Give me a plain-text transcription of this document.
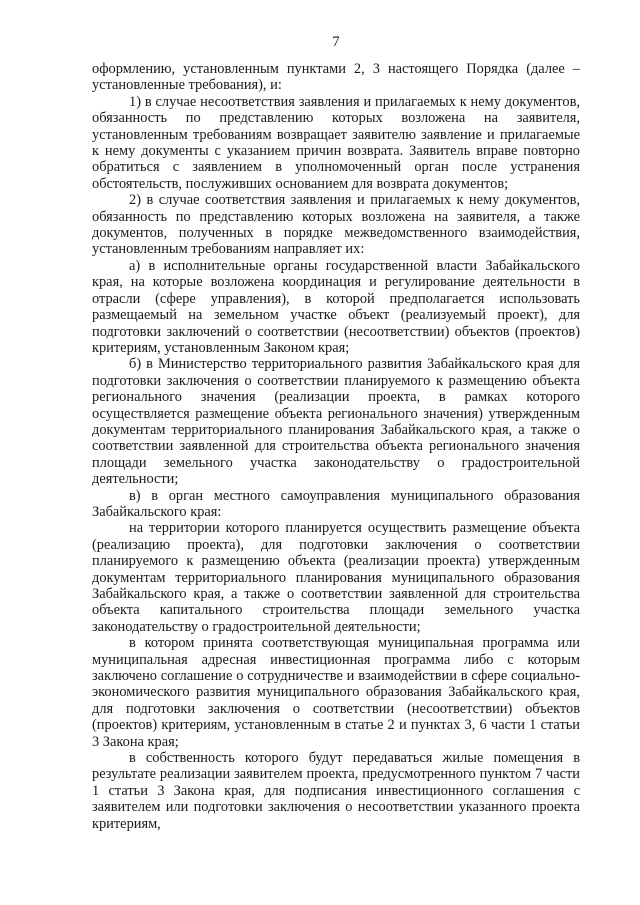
7

оформлению, установленным пунктами 2, 3 настоящего Порядка (далее – установленные требования), и:

1) в случае несоответствия заявления и прилагаемых к нему документов, обязанность по представлению которых возложена на заявителя, установленным требованиям возвращает заявителю заявление и прилагаемые к нему документы с указанием причин возврата. Заявитель вправе повторно обратиться с заявлением в уполномоченный орган после устранения обстоятельств, послуживших основанием для возврата документов;

2) в случае соответствия заявления и прилагаемых к нему документов, обязанность по представлению которых возложена на заявителя, а также документов, полученных в порядке межведомственного взаимодействия, установленным требованиям направляет их:

а) в исполнительные органы государственной власти Забайкальского края, на которые возложена координация и регулирование деятельности в отрасли (сфере управления), в которой предполагается использовать размещаемый на земельном участке объект (реализуемый проект), для подготовки заключений о соответствии (несоответствии) объектов (проектов) критериям, установленным Законом края;

б) в Министерство территориального развития Забайкальского края для подготовки заключения о соответствии планируемого к размещению объекта регионального значения (реализации проекта, в рамках которого осуществляется размещение объекта регионального значения) утвержденным документам территориального планирования Забайкальского края, а также о соответствии заявленной для строительства объекта регионального значения площади земельного участка законодательству о градостроительной деятельности;

в) в орган местного самоуправления муниципального образования Забайкальского края:

на территории которого планируется осуществить размещение объекта (реализацию проекта), для подготовки заключения о соответствии планируемого к размещению объекта (реализации проекта) утвержденным документам территориального планирования муниципального образования Забайкальского края, а также о соответствии заявленной для строительства объекта капитального строительства площади земельного участка законодательству о градостроительной деятельности;

в котором принята соответствующая муниципальная программа или муниципальная адресная инвестиционная программа либо с которым заключено соглашение о сотрудничестве и взаимодействии в сфере социально-экономического развития муниципального образования Забайкальского края, для подготовки заключения о соответствии (несоответствии) объектов (проектов) критериям, установленным в статье 2 и пунктах 3, 6 части 1 статьи 3 Закона края;

в собственность которого будут передаваться жилые помещения в результате реализации заявителем проекта, предусмотренного пунктом 7 части 1 статьи 3 Закона края, для подписания инвестиционного соглашения с заявителем или подготовки заключения о несоответствии указанного проекта критериям,
